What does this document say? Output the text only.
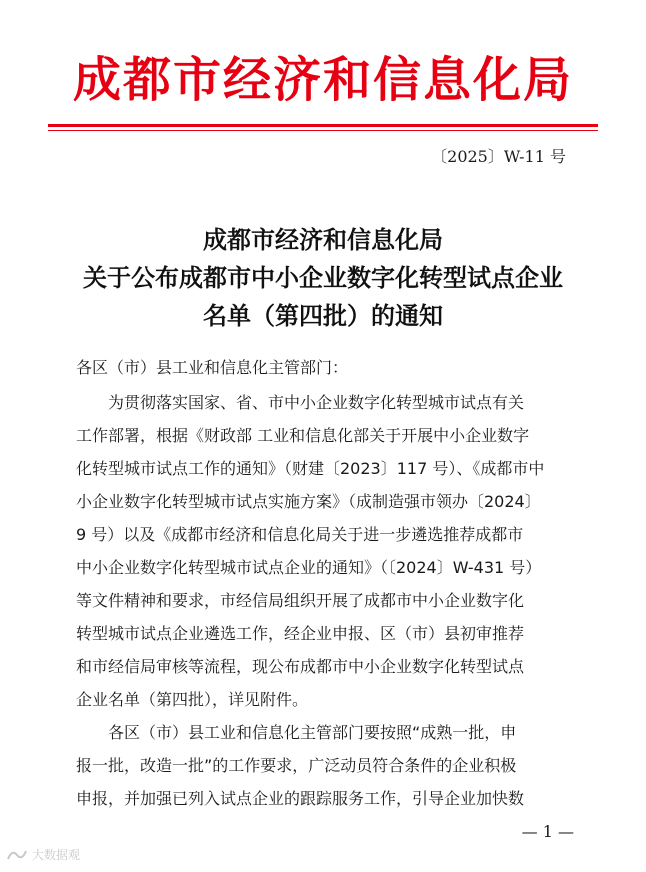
成都市经济和信息化局
〔2025〕W-11 号
成都市经济和信息化局
关于公布成都市中小企业数字化转型试点企业
名单（第四批）的通知
各区（市）县工业和信息化主管部门：
为贯彻落实国家、省、市中小企业数字化转型城市试点有关
工作部署，根据《财政部 工业和信息化部关于开展中小企业数字
化转型城市试点工作的通知》（财建〔2023〕117 号）、《成都市中
小企业数字化转型城市试点实施方案》（成制造强市领办〔2024〕
9 号）以及《成都市经济和信息化局关于进一步遴选推荐成都市
中小企业数字化转型城市试点企业的通知》（〔2024〕W-431 号）
等文件精神和要求，市经信局组织开展了成都市中小企业数字化
转型城市试点企业遴选工作，经企业申报、区（市）县初审推荐
和市经信局审核等流程，现公布成都市中小企业数字化转型试点
企业名单（第四批），详见附件。
各区（市）县工业和信息化主管部门要按照“成熟一批，申
报一批，改造一批”的工作要求，广泛动员符合条件的企业积极
申报，并加强已列入试点企业的跟踪服务工作，引导企业加快数
— 1 —
大数据观
